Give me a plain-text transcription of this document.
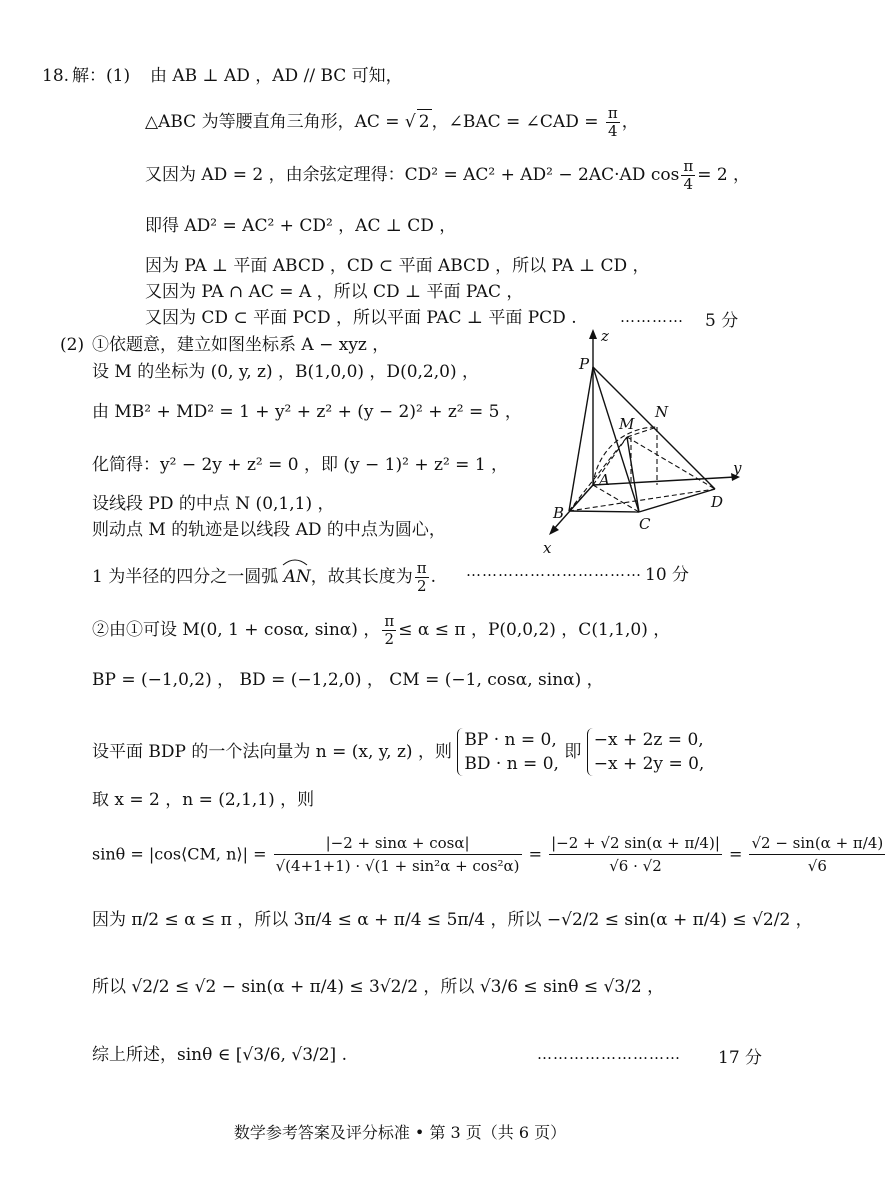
18. 解：(1) 由 AB ⊥ AD ，AD // BC 可知，
△ABC 为等腰直角三角形，AC = √ 2 ，∠BAC = ∠CAD = $\frac{\pi}{4}$ ，
又因为 AD = 2 ，由余弦定理得：CD² = AC² + AD² − 2AC·AD $\cos \frac{\pi}{4} = 2$ ，
即得 AD² = AC² + CD² ，AC ⊥ CD ，
因为 PA ⊥ 平面 ABCD ，CD ⊂ 平面 ABCD ，所以 PA ⊥ CD ，
又因为 PA ∩ AC = A ，所以 CD ⊥ 平面 PAC ，
又因为 CD ⊂ 平面 PCD ，所以平面 PAC ⊥ 平面 PCD .	………… 5 分
(2) ①依题意，建立如图坐标系 A − xyz ，
设 M 的坐标为 (0, y, z) ，B(1,0,0) ，D(0,2,0) ，
由 MB² + MD² = 1 + y² + z² + (y − 2)² + z² = 5 ，
化简得：y² − 2y + z² = 0 ，即 (y − 1)² + z² = 1 ，
设线段 PD 的中点 N (0,1,1) ，
则动点 M 的轨迹是以线段 AD 的中点为圆心，
1 为半径的四分之一圆弧
AN，故其长度为 $\frac{\pi}{2}$ . …………………………… 10 分
②由①可设 M(0, 1 + cosα, sinα) ， $\frac{\pi}{2} \le \alpha \le \pi$ ，P(0,0,2) ，C(1,1,0) ，
BP = (−1,0,2) ， BD = (−1,2,0) ， CM = (−1, cosα, sinα) ，
设平面 BDP 的一个法向量为 n = (x, y, z) ，则 BP · n = 0,
BD · n = 0, 即 −x + 2z = 0,
−x + 2y = 0,
取 x = 2 ，n = (2,1,1) ，则
sinθ = |cos⟨CM, n⟩| = $\frac{|-2 + \sin\alpha + \cos\alpha|}{\text{√(4+1+1) · √(1 + sin²α + cos²α)}} = \frac{|-2 + √2 \sin(\alpha + \pi/4)|}{√6 \cdot √2} = \frac{√2 - \sin(\alpha + \pi/4)}{√6}$
因为 π/2 ≤ α ≤ π ，所以 3π/4 ≤ α + π/4 ≤ 5π/4 ，所以 −√2/2 ≤ sin(α + π/4) ≤ √2/2 ，
所以 √2/2 ≤ √2 − sin(α + π/4) ≤ 3√2/2 ，所以 √3/6 ≤ sinθ ≤ √3/2 ，
综上所述，sinθ ∈ [√3/6, √3/2] .	……………………… 17 分
P
z
M
N
A
y
D
B
C
x
数学参考答案及评分标准 • 第 3 页（共 6 页）
